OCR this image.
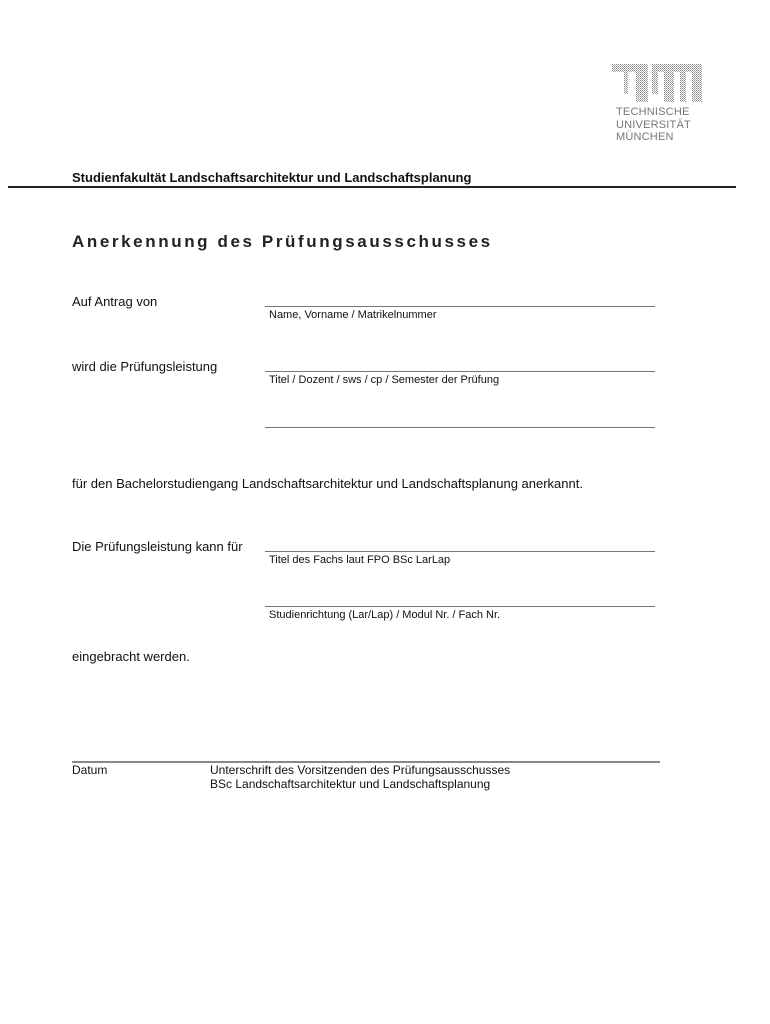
TECHNISCHE
UNIVERSITÄT
MÜNCHEN
Studienfakultät Landschaftsarchitektur und Landschaftsplanung
Anerkennung des Prüfungsausschusses
Auf Antrag von
Name, Vorname / Matrikelnummer
wird die Prüfungsleistung
Titel / Dozent / sws / cp / Semester der Prüfung
für den Bachelorstudiengang Landschaftsarchitektur und Landschaftsplanung anerkannt.
Die Prüfungsleistung kann für
Titel des Fachs laut FPO BSc LarLap
Studienrichtung (Lar/Lap) / Modul Nr. / Fach Nr.
eingebracht werden.
Datum	Unterschrift des Vorsitzenden des Prüfungsausschusses
BSc Landschaftsarchitektur und Landschaftsplanung
